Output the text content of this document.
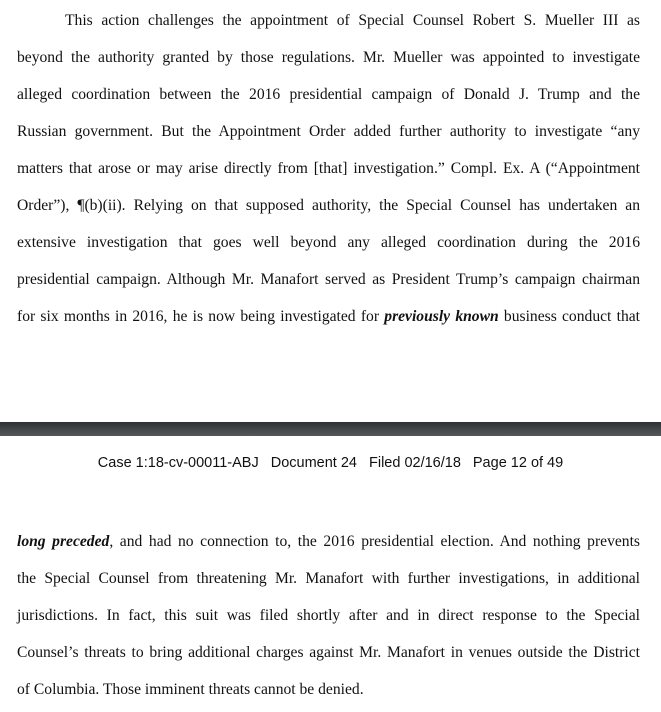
This action challenges the appointment of Special Counsel Robert S. Mueller III as
beyond the authority granted by those regulations. Mr. Mueller was appointed to investigate
alleged coordination between the 2016 presidential campaign of Donald J. Trump and the
Russian government. But the Appointment Order added further authority to investigate “any
matters that arose or may arise directly from [that] investigation.” Compl. Ex. A (“Appointment
Order”), ¶(b)(ii). Relying on that supposed authority, the Special Counsel has undertaken an
extensive investigation that goes well beyond any alleged coordination during the 2016
presidential campaign. Although Mr. Manafort served as President Trump’s campaign chairman
for six months in 2016, he is now being investigated for previously known business conduct that
Case 1:18-cv-00011-ABJ Document 24 Filed 02/16/18 Page 12 of 49
long preceded, and had no connection to, the 2016 presidential election. And nothing prevents
the Special Counsel from threatening Mr. Manafort with further investigations, in additional
jurisdictions. In fact, this suit was filed shortly after and in direct response to the Special
Counsel’s threats to bring additional charges against Mr. Manafort in venues outside the District
of Columbia. Those imminent threats cannot be denied.
